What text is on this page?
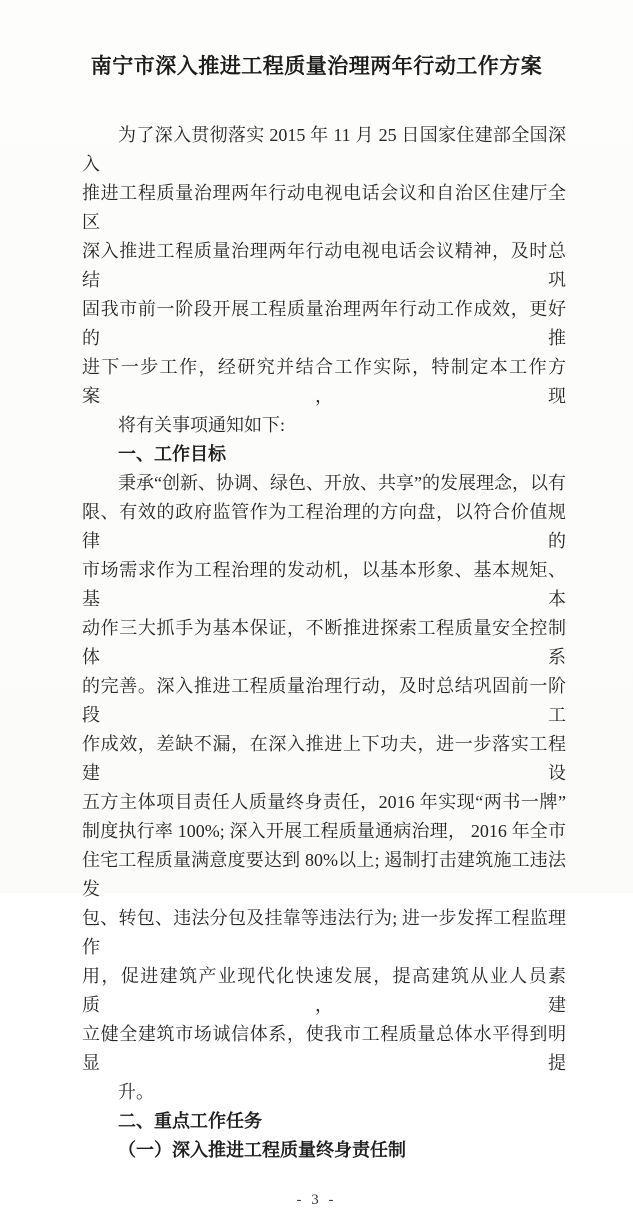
南宁市深入推进工程质量治理两年行动工作方案
为了深入贯彻落实 2015 年 11 月 25 日国家住建部全国深入
推进工程质量治理两年行动电视电话会议和自治区住建厅全区
深入推进工程质量治理两年行动电视电话会议精神，及时总结巩
固我市前一阶段开展工程质量治理两年行动工作成效，更好的推
进下一步工作，经研究并结合工作实际，特制定本工作方案，现
将有关事项通知如下:
一、工作目标
秉承“创新、协调、绿色、开放、共享”的发展理念，以有
限、有效的政府监管作为工程治理的方向盘，以符合价值规律的
市场需求作为工程治理的发动机，以基本形象、基本规矩、基本
动作三大抓手为基本保证，不断推进探索工程质量安全控制体系
的完善。深入推进工程质量治理行动，及时总结巩固前一阶段工
作成效，差缺不漏，在深入推进上下功夫，进一步落实工程建设
五方主体项目责任人质量终身责任，2016 年实现“两书一牌”
制度执行率 100%; 深入开展工程质量通病治理， 2016 年全市
住宅工程质量满意度要达到 80%以上; 遏制打击建筑施工违法发
包、转包、违法分包及挂靠等违法行为; 进一步发挥工程监理作
用，促进建筑产业现代化快速发展，提高建筑从业人员素质，建
立健全建筑市场诚信体系，使我市工程质量总体水平得到明显提
升。
二、重点工作任务
（一）深入推进工程质量终身责任制
- 3 -
